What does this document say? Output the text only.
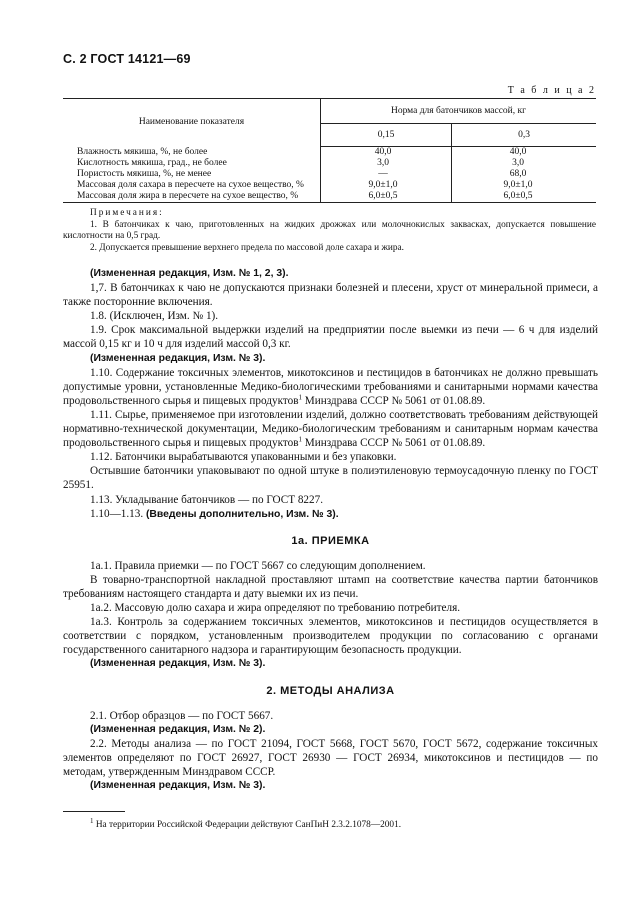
С. 2 ГОСТ 14121—69
Т а б л и ц а 2
Наименование показателя	Норма для батончиков массой, кг	
	0,15	0,3
Влажность мякиша, %, не более	40,0	40,0
Кислотность мякиша, град., не более	3,0	3,0
Пористость мякиша, %, не менее	—	68,0
Массовая доля сахара в пересчете на сухое вещество, %	9,0±1,0	9,0±1,0
Массовая доля жира в пересчете на сухое вещество, %	6,0±0,5	6,0±0,5
Примечания:

1. В батончиках к чаю, приготовленных на жидких дрожжах или молочнокислых заквасках, допускается повышение кислотности на 0,5 град.

2. Допускается превышение верхнего предела по массовой доле сахара и жира.

(Измененная редакция, Изм. № 1, 2, 3).

1,7. В батончиках к чаю не допускаются признаки болезней и плесени, хруст от минеральной примеси, а также посторонние включения.

1.8. (Исключен, Изм. № 1).

1.9. Срок максимальной выдержки изделий на предприятии после выемки из печи — 6 ч для изделий массой 0,15 кг и 10 ч для изделий массой 0,3 кг.

(Измененная редакция, Изм. № 3).

1.10. Содержание токсичных элементов, микотоксинов и пестицидов в батончиках не должно превышать допустимые уровни, установленные Медико-биологическими требованиями и санитарными нормами качества продовольственного сырья и пищевых продуктов$^1$ Минздрава СССР № 5061 от 01.08.89.

1.11. Сырье, применяемое при изготовлении изделий, должно соответствовать требованиям действующей нормативно-технической документации, Медико-биологическим требованиям и санитарным нормам качества продовольственного сырья и пищевых продуктов$^1$ Минздрава СССР № 5061 от 01.08.89.

1.12. Батончики вырабатываются упакованными и без упаковки.

Остывшие батончики упаковывают по одной штуке в полиэтиленовую термоусадочную пленку по ГОСТ 25951.

1.13. Укладывание батончиков — по ГОСТ 8227.

1.10—1.13. (Введены дополнительно, Изм. № 3).

1а. ПРИЕМКА

1а.1. Правила приемки — по ГОСТ 5667 со следующим дополнением.

В товарно-транспортной накладной проставляют штамп на соответствие качества партии батончиков требованиям настоящего стандарта и дату выемки их из печи.

1а.2. Массовую долю сахара и жира определяют по требованию потребителя.

1а.3. Контроль за содержанием токсичных элементов, микотоксинов и пестицидов осуществляется в соответствии с порядком, установленным производителем продукции по согласованию с органами государственного санитарного надзора и гарантирующим безопасность продукции.

(Измененная редакция, Изм. № 3).

2. МЕТОДЫ АНАЛИЗА

2.1. Отбор образцов — по ГОСТ 5667.

(Измененная редакция, Изм. № 2).

2.2. Методы анализа — по ГОСТ 21094, ГОСТ 5668, ГОСТ 5670, ГОСТ 5672, содержание токсичных элементов определяют по ГОСТ 26927, ГОСТ 26930 — ГОСТ 26934, микотоксинов и пестицидов — по методам, утвержденным Минздравом СССР.

(Измененная редакция, Изм. № 3).

$^1$ На территории Российской Федерации действуют СанПиН 2.3.2.1078—2001.
